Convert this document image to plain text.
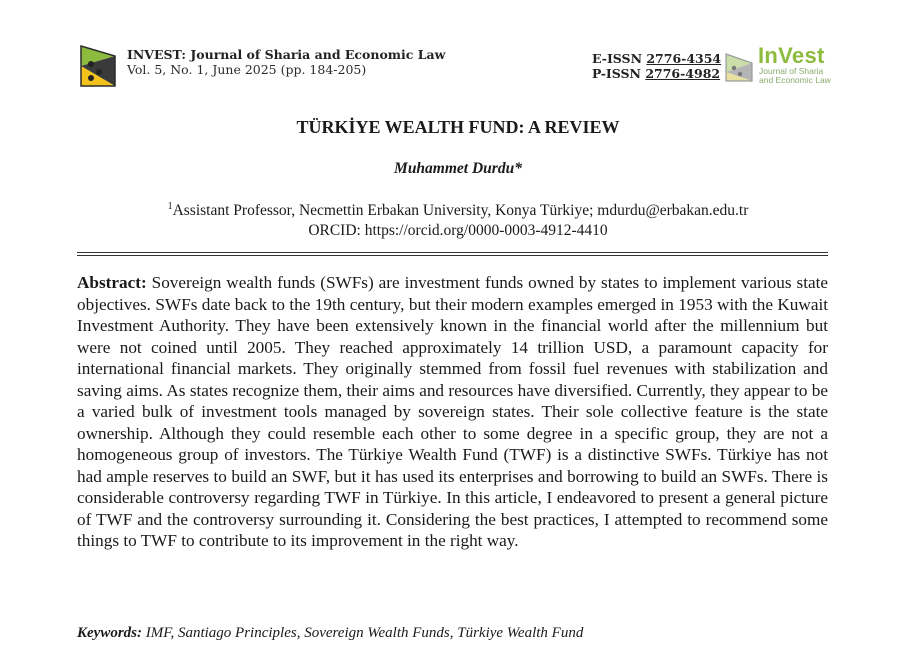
INVEST: Journal of Sharia and Economic Law
Vol. 5, No. 1, June 2025 (pp. 184-205)
E-ISSN 2776-4354
P-ISSN 2776-4982
InVest
Journal of Sharia
and Economic Law
TÜRKİYE WEALTH FUND: A REVIEW
Muhammet Durdu*
$^1$Assistant Professor, Necmettin Erbakan University, Konya Türkiye; mdurdu@erbakan.edu.tr
ORCID: https://orcid.org/0000-0003-4912-4410
Abstract: Sovereign wealth funds (SWFs) are investment funds owned by states to implement various state objectives. SWFs date back to the 19th century, but their modern examples emerged in 1953 with the Kuwait Investment Authority. They have been extensively known in the financial world after the millennium but were not coined until 2005. They reached approximately 14 trillion USD, a paramount capacity for international financial markets. They originally stemmed from fossil fuel revenues with stabilization and saving aims. As states recognize them, their aims and resources have diversified. Currently, they appear to be a varied bulk of investment tools managed by sovereign states. Their sole collective feature is the state ownership. Although they could resemble each other to some degree in a specific group, they are not a homogeneous group of investors. The Türkiye Wealth Fund (TWF) is a distinctive SWFs. Türkiye has not had ample reserves to build an SWF, but it has used its enterprises and borrowing to build an SWFs. There is considerable controversy regarding TWF in Türkiye. In this article, I endeavored to present a general picture of TWF and the controversy surrounding it. Considering the best practices, I attempted to recommend some things to TWF to contribute to its improvement in the right way.
Keywords: IMF, Santiago Principles, Sovereign Wealth Funds, Türkiye Wealth Fund
